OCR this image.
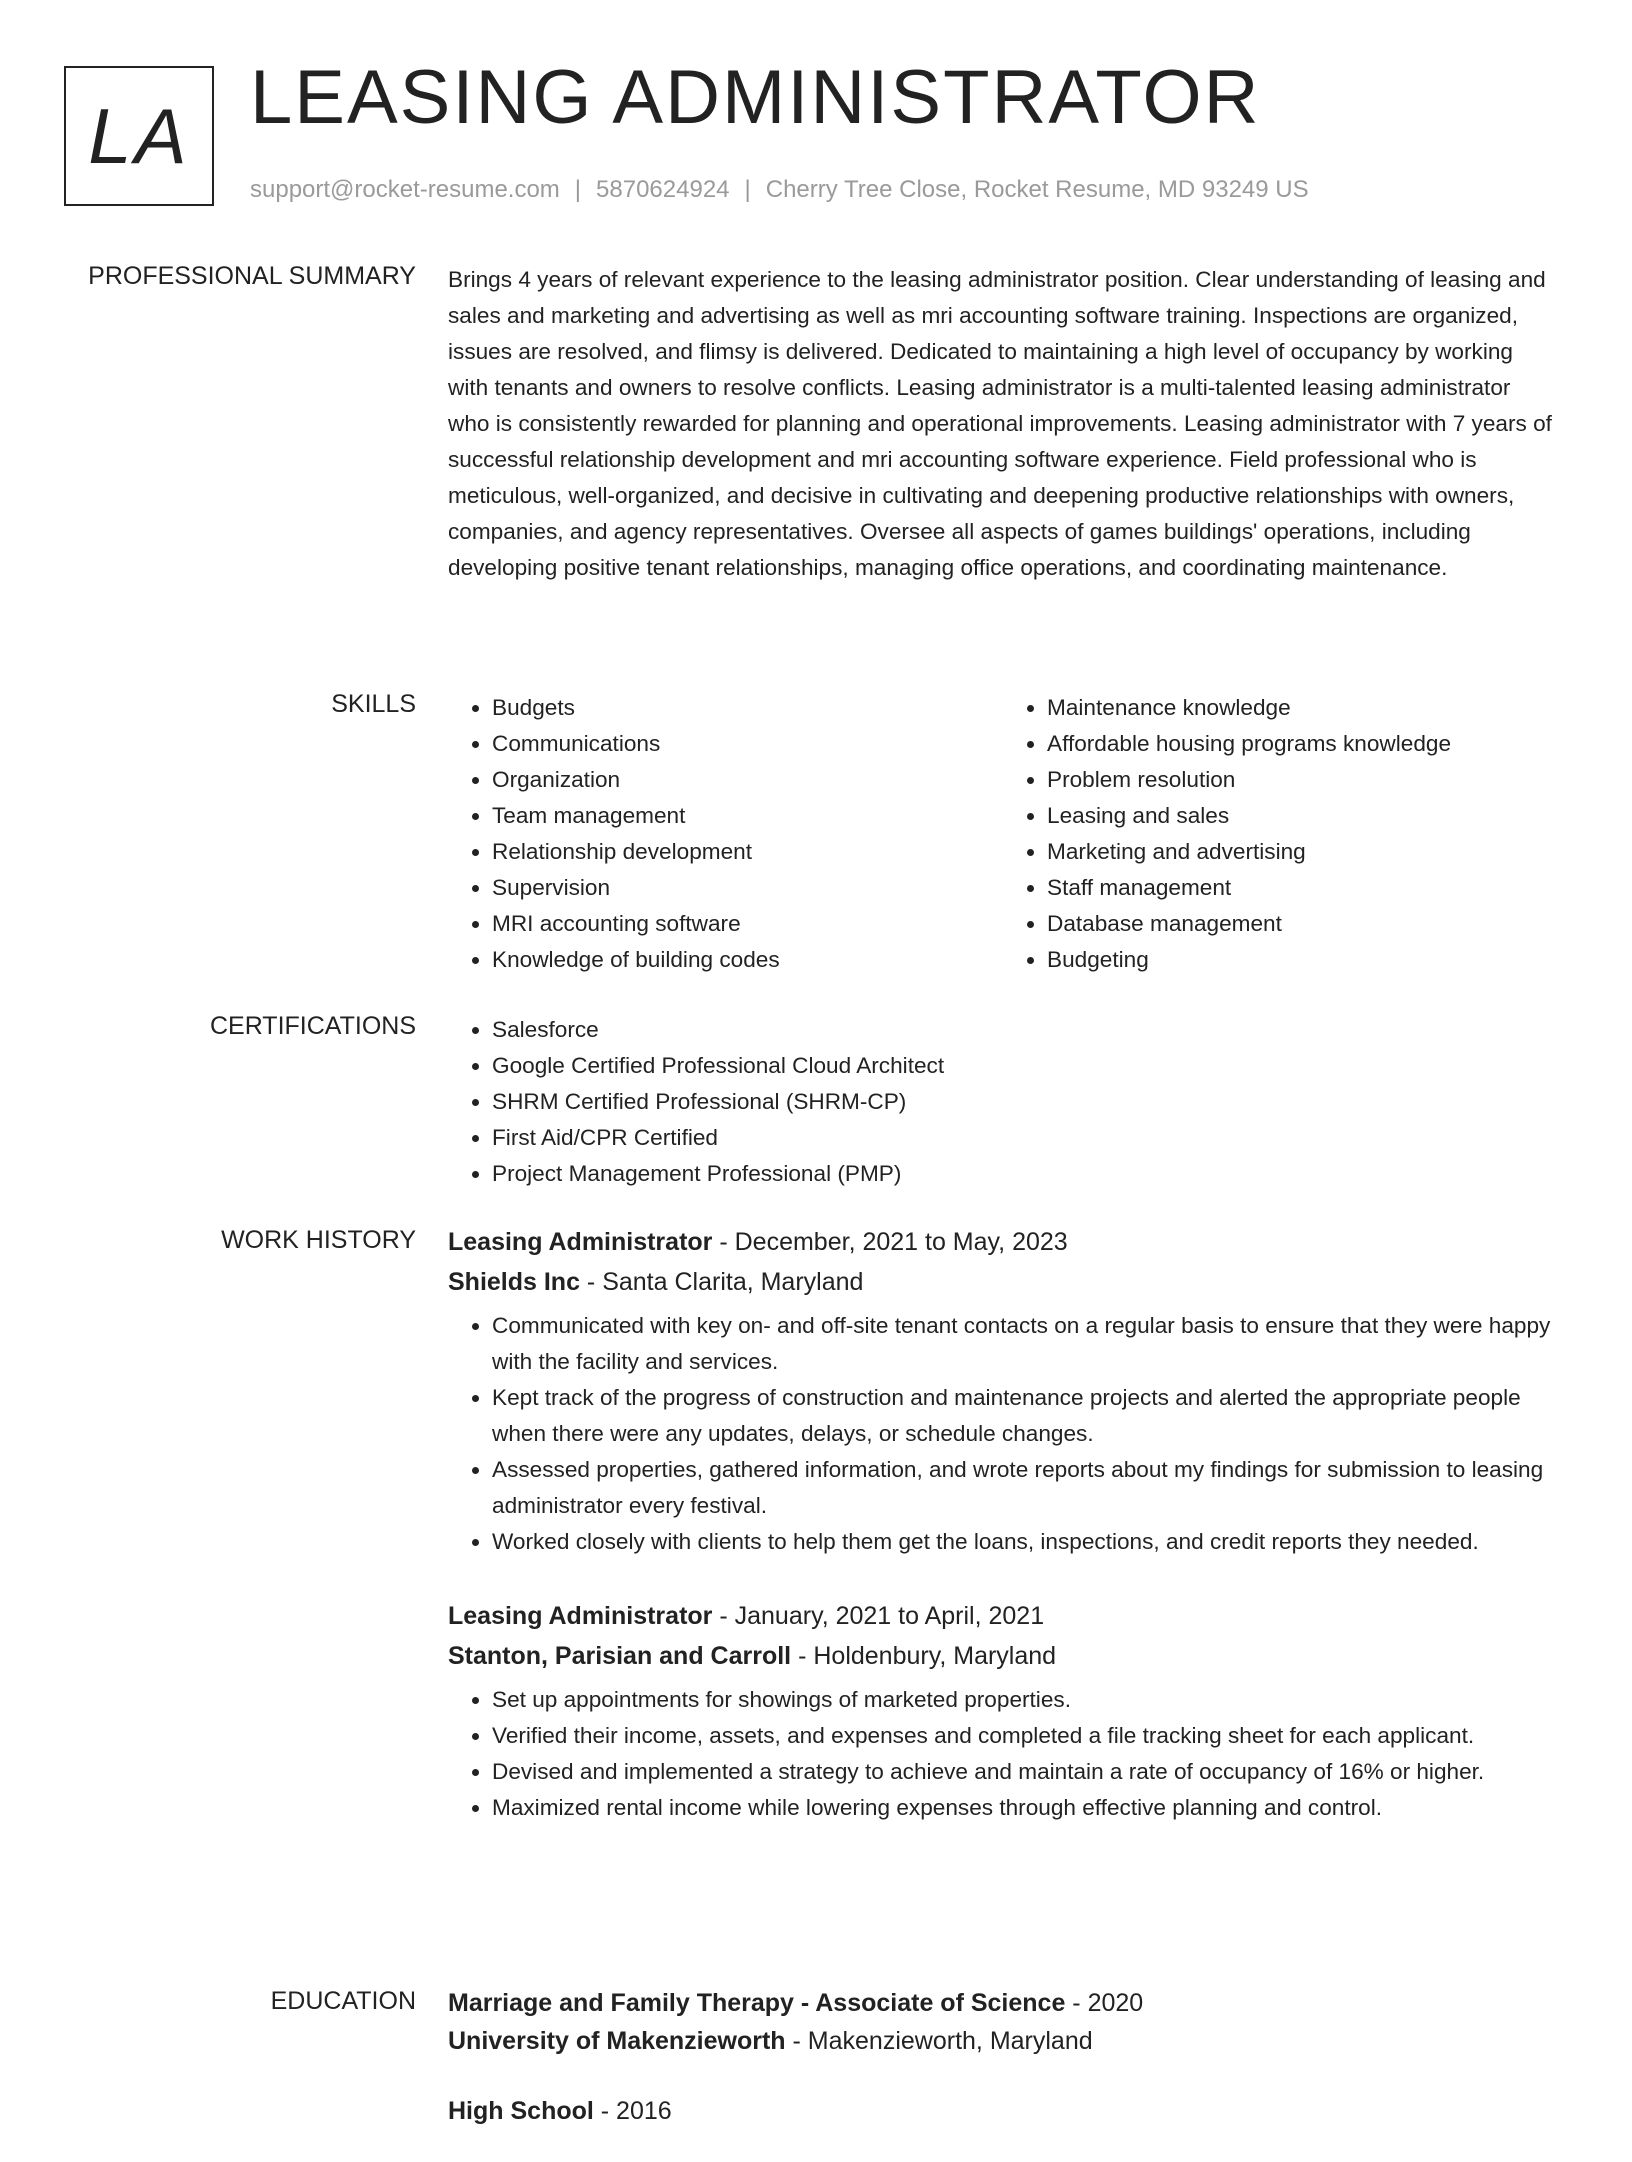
LA LEASING ADMINISTRATOR
support@rocket-resume.com | 5870624924 | Cherry Tree Close, Rocket Resume, MD 93249 US
PROFESSIONAL SUMMARY Brings 4 years of relevant experience to the leasing administrator position. Clear understanding of leasing and sales and marketing and advertising as well as mri accounting software training. Inspections are organized, issues are resolved, and flimsy is delivered. Dedicated to maintaining a high level of occupancy by working with tenants and owners to resolve conflicts. Leasing administrator is a multi-talented leasing administrator who is consistently rewarded for planning and operational improvements. Leasing administrator with 7 years of successful relationship development and mri accounting software experience. Field professional who is meticulous, well-organized, and decisive in cultivating and deepening productive relationships with owners, companies, and agency representatives. Oversee all aspects of games buildings' operations, including developing positive tenant relationships, managing office operations, and coordinating maintenance.

SKILLS	• Budgets
• Communications
• Organization
• Team management
• Relationship development
• Supervision
• MRI accounting software
• Knowledge of building codes
• Maintenance knowledge
• Affordable housing programs knowledge
• Problem resolution
• Leasing and sales
• Marketing and advertising
• Staff management
• Database management
• Budgeting
CERTIFICATIONS	• Salesforce
• Google Certified Professional Cloud Architect
• SHRM Certified Professional (SHRM-CP)
• First Aid/CPR Certified
• Project Management Professional (PMP)
WORK HISTORY Leasing Administrator - December, 2021 to May, 2023

Shields Inc - Santa Clarita, Maryland

• Communicated with key on- and off-site tenant contacts on a regular basis to ensure that they were happy with the facility and services.
• Kept track of the progress of construction and maintenance projects and alerted the appropriate people when there were any updates, delays, or schedule changes.
• Assessed properties, gathered information, and wrote reports about my findings for submission to leasing administrator every festival.
• Worked closely with clients to help them get the loans, inspections, and credit reports they needed.

Leasing Administrator - January, 2021 to April, 2021

Stanton, Parisian and Carroll - Holdenbury, Maryland

• Set up appointments for showings of marketed properties.
• Verified their income, assets, and expenses and completed a file tracking sheet for each applicant.
• Devised and implemented a strategy to achieve and maintain a rate of occupancy of 16% or higher.
• Maximized rental income while lowering expenses through effective planning and control.
EDUCATION Marriage and Family Therapy - Associate of Science - 2020

University of Makenzieworth - Makenzieworth, Maryland

High School - 2016
